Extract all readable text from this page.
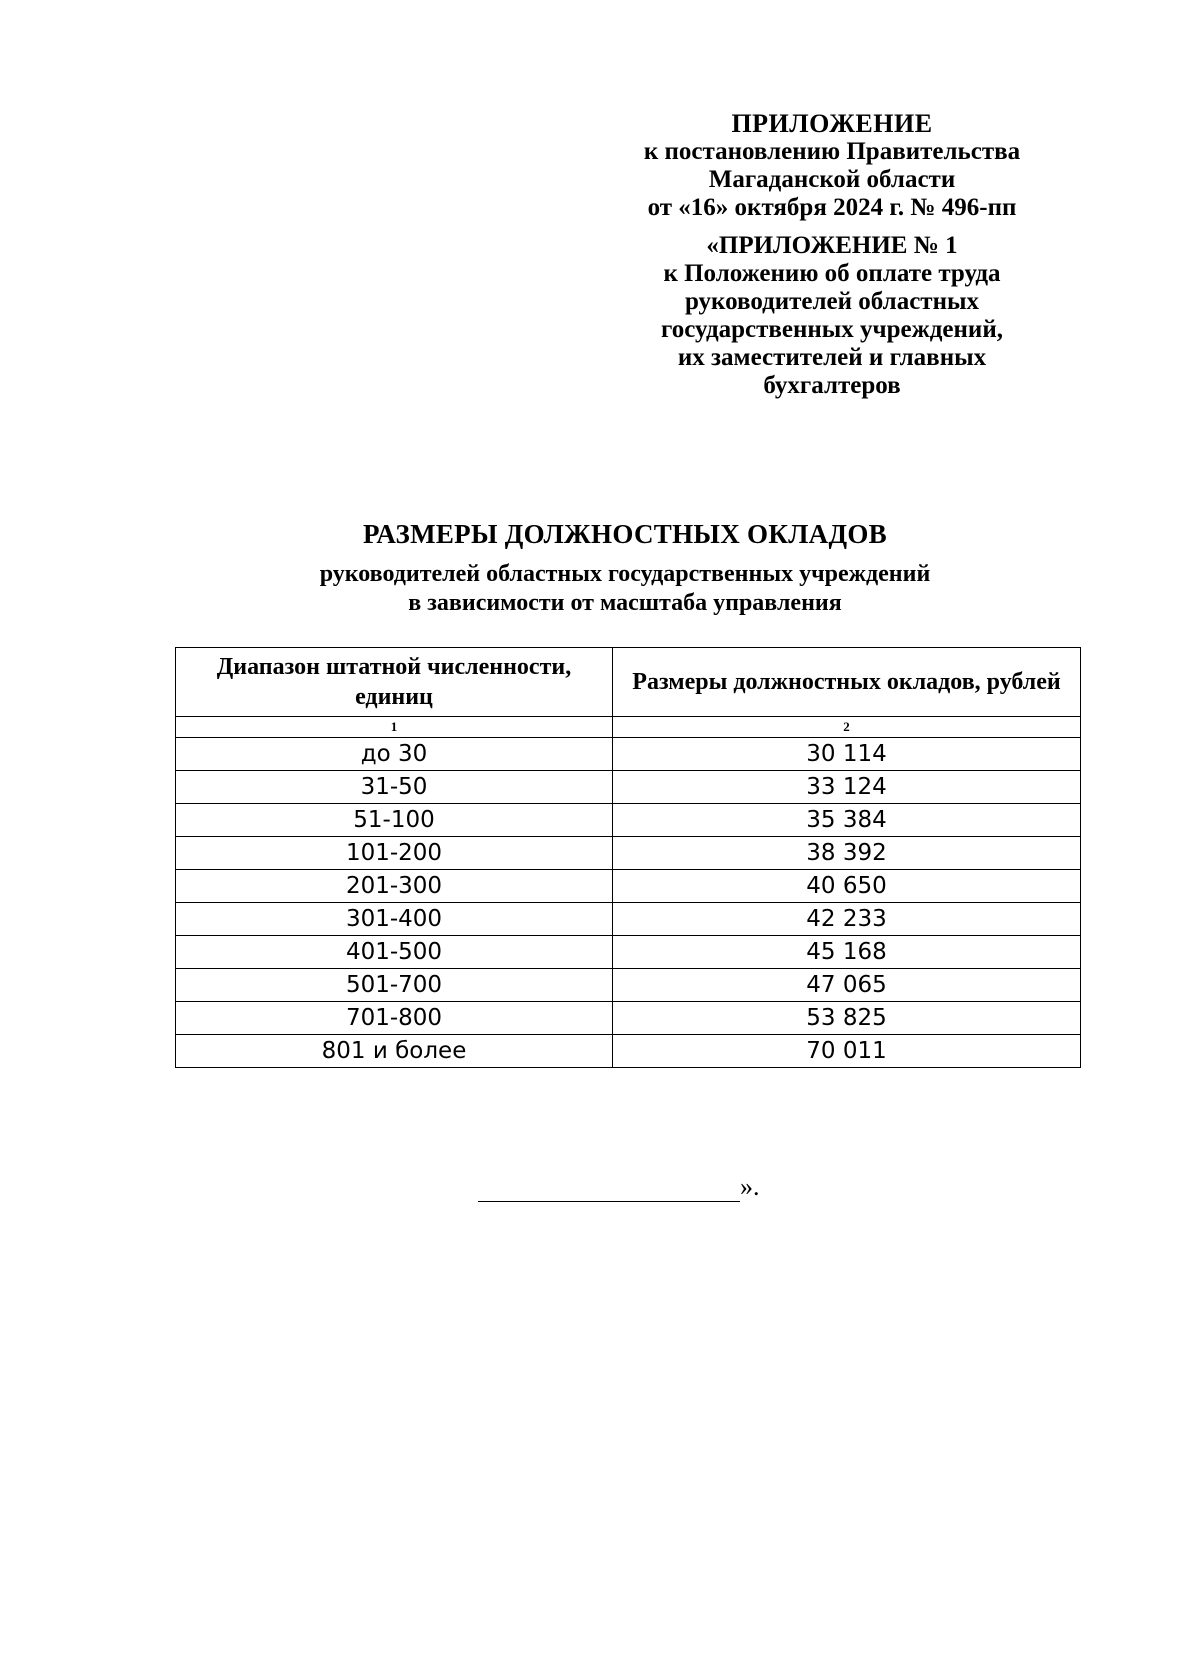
ПРИЛОЖЕНИЕ
к постановлению Правительства
Магаданской области
от «16» октября 2024 г. № 496-пп
«ПРИЛОЖЕНИЕ № 1
к Положению об оплате труда
руководителей областных
государственных учреждений,
их заместителей и главных
бухгалтеров
РАЗМЕРЫ ДОЛЖНОСТНЫХ ОКЛАДОВ
руководителей областных государственных учреждений
в зависимости от масштаба управления
Диапазон штатной численности, единиц	Размеры должностных окладов, рублей
1	2
до 30	30 114
31-50	33 124
51-100	35 384
101-200	38 392
201-300	40 650
301-400	42 233
401-500	45 168
501-700	47 065
701-800	53 825
801 и более	70 011
».
